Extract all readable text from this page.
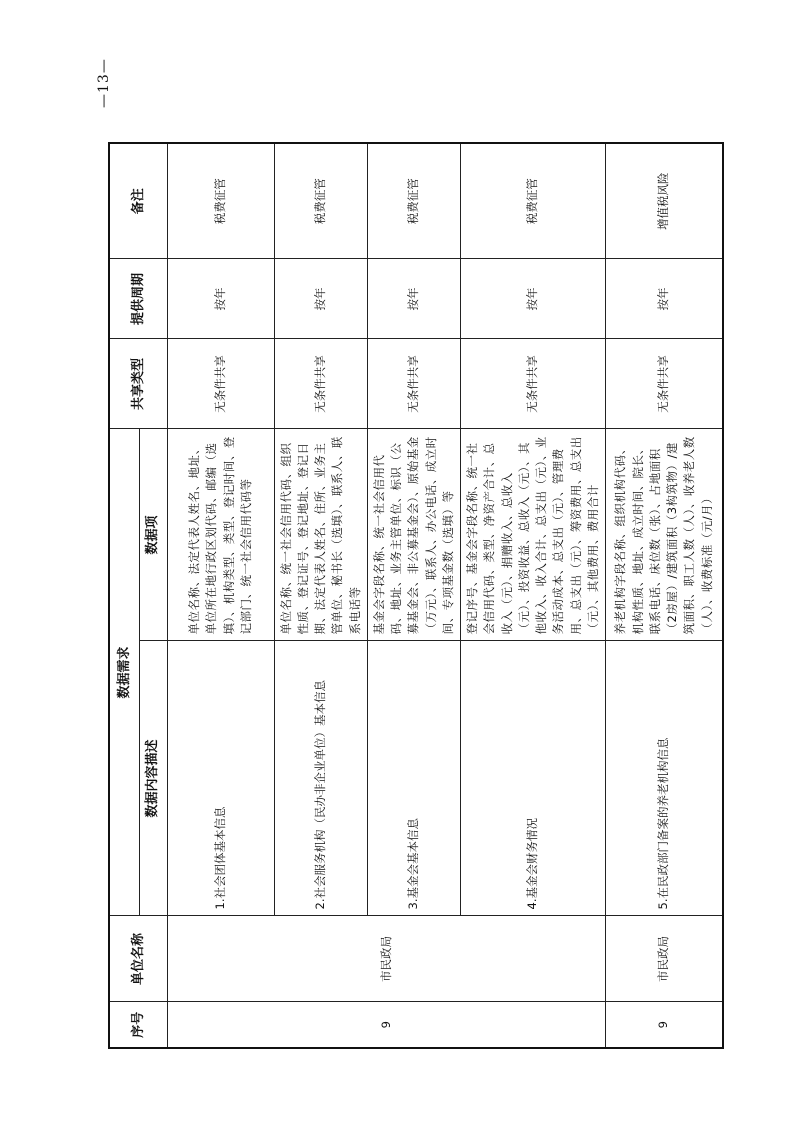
序号	单位名称	数据需求		共享类型	提供周期	备注
		数据内容描述	数据项			
9	市民政局	1.社会团体基本信息	单位名称、法定代表人姓名、地址、单位所在地行政区划代码、邮编（选填）、机构类型、类型、登记时间、登记部门、统一社会信用代码等	无条件共享	按年	税费征管
		2.社会服务机构（民办非企业单位）基本信息	单位名称、统一社会信用代码、组织性质、登记证号、登记地址、登记日期、法定代表人姓名、住所、业务主管单位、秘书长（选填）、联系人、联系电话等	无条件共享	按年	税费征管
		3.基金会基本信息	基金会字段名称、统一社会信用代码、地址、业务主管单位、标识（公募基金会、非公募基金会）、原始基金（万元）、联系人、办公电话、成立时间、专项基金数（选填）等	无条件共享	按年	税费征管
		4.基金会财务情况	登记序号、基金会字段名称、统一社会信用代码、类型、净资产合计、总收入（元）、捐赠收入、总收入（元）、投资收益、总收入（元）、其他收入、收入合计、总支出（元）、业务活动成本、总支出（元）、管理费用、总支出（元）、筹资费用、总支出（元）、其他费用、费用合计	无条件共享	按年	税费征管
9	市民政局	5.在民政部门备案的养老机构信息	养老机构字段名称、组织机构代码、机构性质、地址、成立时间、院长、联系电话、床位数（张）、占地面积（2房屋）/建筑面积（3构筑物）/建筑面积、职工人数（人）、收养老人数（人）、收费标准（元/月）	无条件共享	按年	增值税风险
—13—
